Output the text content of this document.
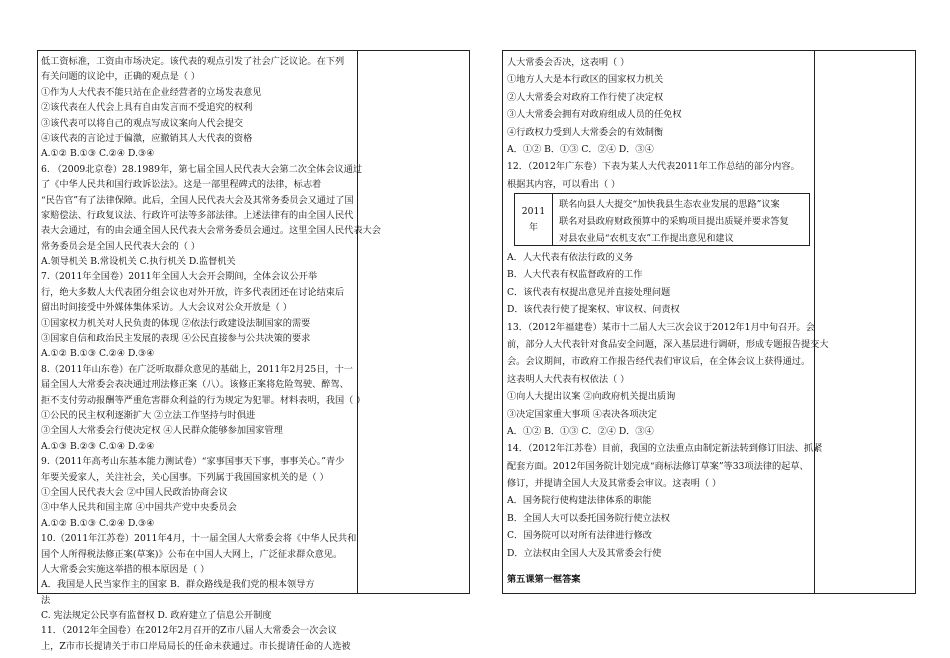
低工资标准，工资由市场决定。该代表的观点引发了社会广泛议论。在下列
有关问题的议论中，正确的观点是（ ）
①作为人大代表不能只站在企业经营者的立场发表意见
②该代表在人代会上具有自由发言而不受追究的权利
③该代表可以将自己的观点写成议案向人代会提交
④该代表的言论过于偏激，应撤销其人大代表的资格
A.①② B.①③ C.②④ D.③④
6. （2009北京卷）28.1989年，第七届全国人民代表大会第二次全体会议通过
了《中华人民共和国行政诉讼法》。这是一部里程碑式的法律，标志着
“民告官”有了法律保障。此后，全国人民代表大会及其常务委员会又通过了国
家赔偿法、行政复议法、行政许可法等多部法律。上述法律有的由全国人民代
表大会通过，有的由会通全国人民代表大会常务委员会通过。这里全国人民代表大会
常务委员会是全国人民代表大会的（ ）
A.领导机关 B.常设机关 C.执行机关 D.监督机关
7.（2011年全国卷）2011年全国人大会开会期间，全体会议公开举
行，绝大多数人大代表团分组会议也对外开放，许多代表团还在讨论结束后
留出时间接受中外媒体集体采访。人大会议对公众开放是（ ）
①国家权力机关对人民负责的体现 ②依法行政建设法制国家的需要
③国家自信和政治民主发展的表现 ④公民直接参与公共决策的要求
A.①② B.①③ C.②④ D.③④
8.（2011年山东卷）在广泛听取群众意见的基础上，2011年2月25日，十一
届全国人大常委会表决通过刑法修正案（八）。该修正案将危险驾驶、醉驾、
拒不支付劳动报酬等严重危害群众利益的行为规定为犯罪。材料表明，我国（ ）
①公民的民主权利逐渐扩大 ②立法工作坚持与时俱进
③全国人大常委会行使决定权 ④人民群众能够参加国家管理
A.①③ B.②③ C.①④ D.②④
9.（2011年高考山东基本能力测试卷）“家事国事天下事，事事关心。”青少
年要关爱家人，关注社会，关心国事。下列属于我国国家机关的是（ ）
①全国人民代表大会 ②中国人民政治协商会议
③中华人民共和国主席 ④中国共产党中央委员会
A.①② B.①③ C.②④ D.③④
10.（2011年江苏卷）2011年4月，十一届全国人大常委会将《中华人民共和
国个人所得税法修正案(草案)》公布在中国人大网上，广泛征求群众意见。
人大常委会实施这举措的根本原因是（ ）
A．我国是人民当家作主的国家 B．群众路线是我们党的根本领导方
法
C. 宪法规定公民享有监督权 D. 政府建立了信息公开制度
11．（2012年全国卷）在2012年2月召开的Z市八届人大常委会一次会议
上，Z市市长提请关于市口岸局局长的任命未获通过。市长提请任命的人选被
人大常委会否决，这表明（ ）
①地方人大是本行政区的国家权力机关
②人大常委会对政府工作行使了决定权
③人大常委会拥有对政府组成人员的任免权
④行政权力受到人大常委会的有效制衡
A．①② B．①③ C．②④ D．③④
12．（2012年广东卷）下表为某人大代表2011年工作总结的部分内容。
根据其内容，可以看出（ ）
2011
年
联名向县人大提交“加快我县生态农业发展的思路”议案
联名对县政府财政预算中的采购项目提出质疑并要求答复
对县农业局“农机支农”工作提出意见和建议
A．人大代表有依法行政的义务
B．人大代表有权监督政府的工作
C．该代表有权提出意见并直接处理问题
D．该代表行使了提案权、审议权、问责权
13．（2012年福建卷）某市十二届人大三次会议于2012年1月中旬召开。会
前，部分人大代表针对食品安全问题，深入基层进行调研，形成专题报告提交大
会。会议期间，市政府工作报告经代表们审议后，在全体会议上获得通过。
这表明人大代表有权依法（ ）
①向人大提出议案 ②向政府机关提出质询
③决定国家重大事项 ④表决各项决定
A．①② B．①③ C．②④ D．③④
14．（2012年江苏卷）目前，我国的立法重点由制定新法转到修订旧法、抓紧
配套方面。2012年国务院计划完成“商标法修订草案”等33项法律的起草、
修订，并提请全国人大及其常委会审议。这表明（ ）
A．国务院行使构建法律体系的职能
B．全国人大可以委托国务院行使立法权
C．国务院可以对所有法律进行修改
D．立法权由全国人大及其常委会行使
第五课第一框答案
